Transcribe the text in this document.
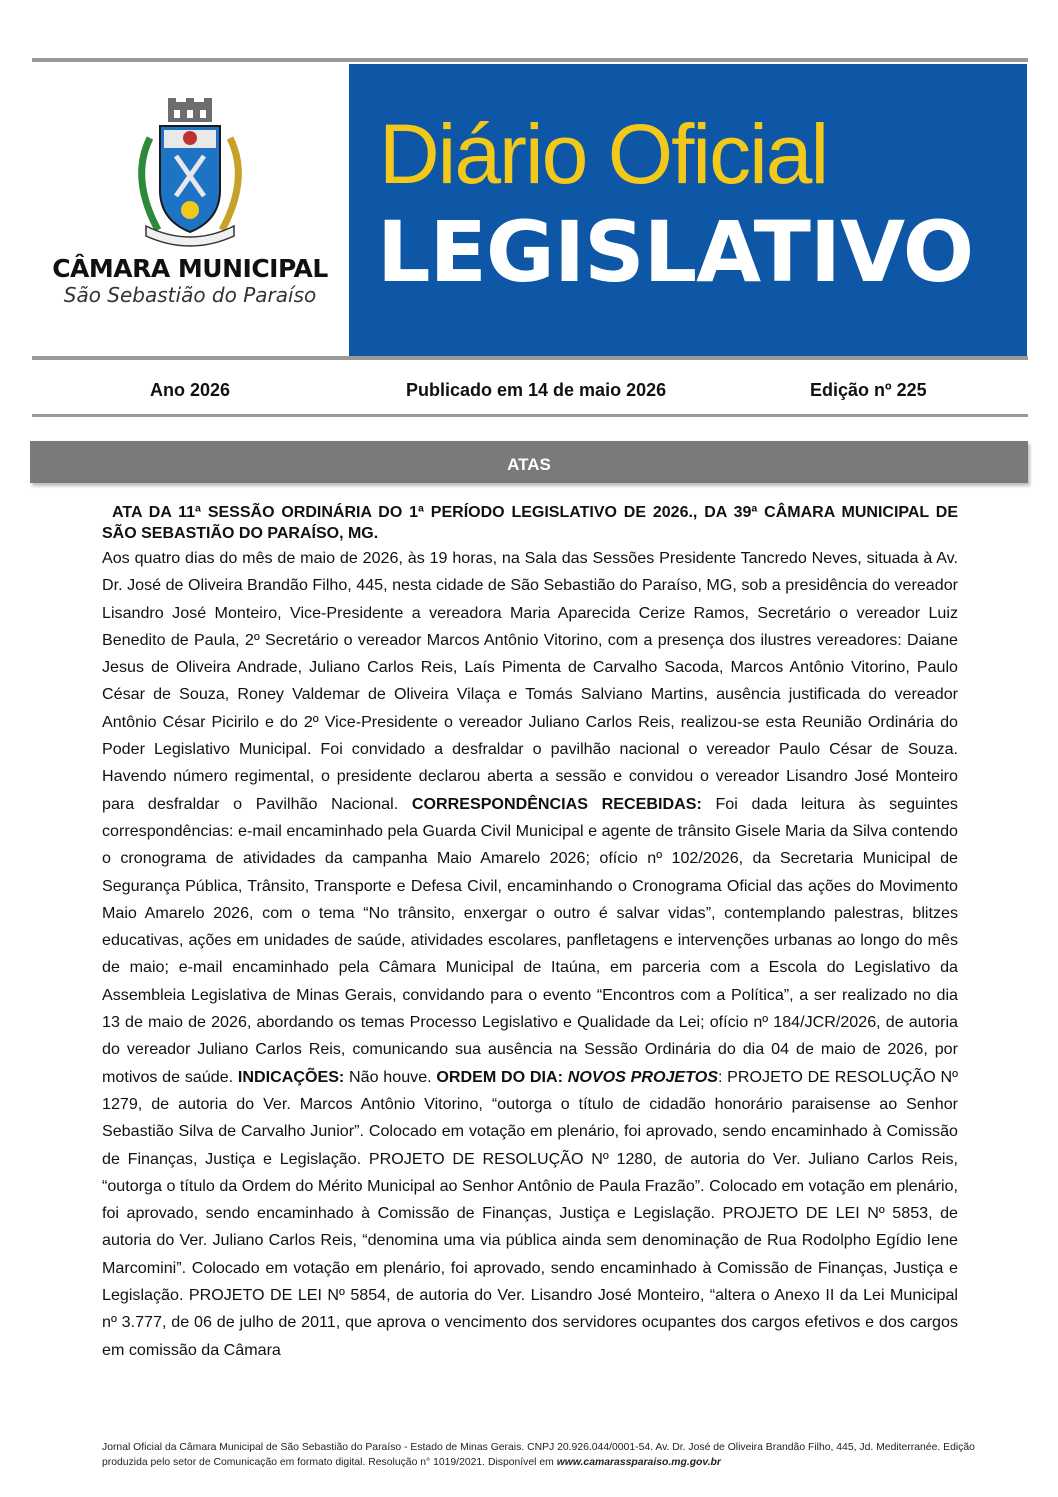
CÂMARA MUNICIPAL
São Sebastião do Paraíso
Diário Oficial
LEGISLATIVO
Ano 2026	Publicado em 14 de maio 2026	Edição nº 225
ATAS
ATA DA 11ª SESSÃO ORDINÁRIA DO 1ª PERÍODO LEGISLATIVO DE 2026., DA 39ª CÂMARA MUNICIPAL DE SÃO SEBASTIÃO DO PARAÍSO, MG.
Aos quatro dias do mês de maio de 2026, às 19 horas, na Sala das Sessões Presidente Tancredo Neves, situada à Av. Dr. José de Oliveira Brandão Filho, 445, nesta cidade de São Sebastião do Paraíso, MG, sob a presidência do vereador Lisandro José Monteiro, Vice-Presidente a vereadora Maria Aparecida Cerize Ramos, Secretário o vereador Luiz Benedito de Paula, 2º Secretário o vereador Marcos Antônio Vitorino, com a presença dos ilustres vereadores: Daiane Jesus de Oliveira Andrade, Juliano Carlos Reis, Laís Pimenta de Carvalho Sacoda, Marcos Antônio Vitorino, Paulo César de Souza, Roney Valdemar de Oliveira Vilaça e Tomás Salviano Martins, ausência justificada do vereador Antônio César Picirilo e do 2º Vice-Presidente o vereador Juliano Carlos Reis, realizou-se esta Reunião Ordinária do Poder Legislativo Municipal. Foi convidado a desfraldar o pavilhão nacional o vereador Paulo César de Souza. Havendo número regimental, o presidente declarou aberta a sessão e convidou o vereador Lisandro José Monteiro para desfraldar o Pavilhão Nacional. CORRESPONDÊNCIAS RECEBIDAS: Foi dada leitura às seguintes correspondências: e-mail encaminhado pela Guarda Civil Municipal e agente de trânsito Gisele Maria da Silva contendo o cronograma de atividades da campanha Maio Amarelo 2026; ofício nº 102/2026, da Secretaria Municipal de Segurança Pública, Trânsito, Transporte e Defesa Civil, encaminhando o Cronograma Oficial das ações do Movimento Maio Amarelo 2026, com o tema “No trânsito, enxergar o outro é salvar vidas”, contemplando palestras, blitzes educativas, ações em unidades de saúde, atividades escolares, panfletagens e intervenções urbanas ao longo do mês de maio; e-mail encaminhado pela Câmara Municipal de Itaúna, em parceria com a Escola do Legislativo da Assembleia Legislativa de Minas Gerais, convidando para o evento “Encontros com a Política”, a ser realizado no dia 13 de maio de 2026, abordando os temas Processo Legislativo e Qualidade da Lei; ofício nº 184/JCR/2026, de autoria do vereador Juliano Carlos Reis, comunicando sua ausência na Sessão Ordinária do dia 04 de maio de 2026, por motivos de saúde. INDICAÇÕES: Não houve. ORDEM DO DIA: NOVOS PROJETOS: PROJETO DE RESOLUÇÃO Nº 1279, de autoria do Ver. Marcos Antônio Vitorino, “outorga o título de cidadão honorário paraisense ao Senhor Sebastião Silva de Carvalho Junior”. Colocado em votação em plenário, foi aprovado, sendo encaminhado à Comissão de Finanças, Justiça e Legislação. PROJETO DE RESOLUÇÃO Nº 1280, de autoria do Ver. Juliano Carlos Reis, “outorga o título da Ordem do Mérito Municipal ao Senhor Antônio de Paula Frazão”. Colocado em votação em plenário, foi aprovado, sendo encaminhado à Comissão de Finanças, Justiça e Legislação. PROJETO DE LEI Nº 5853, de autoria do Ver. Juliano Carlos Reis, “denomina uma via pública ainda sem denominação de Rua Rodolpho Egídio Iene Marcomini”. Colocado em votação em plenário, foi aprovado, sendo encaminhado à Comissão de Finanças, Justiça e Legislação. PROJETO DE LEI Nº 5854, de autoria do Ver. Lisandro José Monteiro, “altera o Anexo II da Lei Municipal nº 3.777, de 06 de julho de 2011, que aprova o vencimento dos servidores ocupantes dos cargos efetivos e dos cargos em comissão da Câmara
Jornal Oficial da Câmara Municipal de São Sebastião do Paraíso - Estado de Minas Gerais. CNPJ 20.926.044/0001-54. Av. Dr. José de Oliveira Brandão Filho, 445, Jd. Mediterranée. Edição produzida pelo setor de Comunicação em formato digital. Resolução n° 1019/2021. Disponível em www.camarassparaiso.mg.gov.br
